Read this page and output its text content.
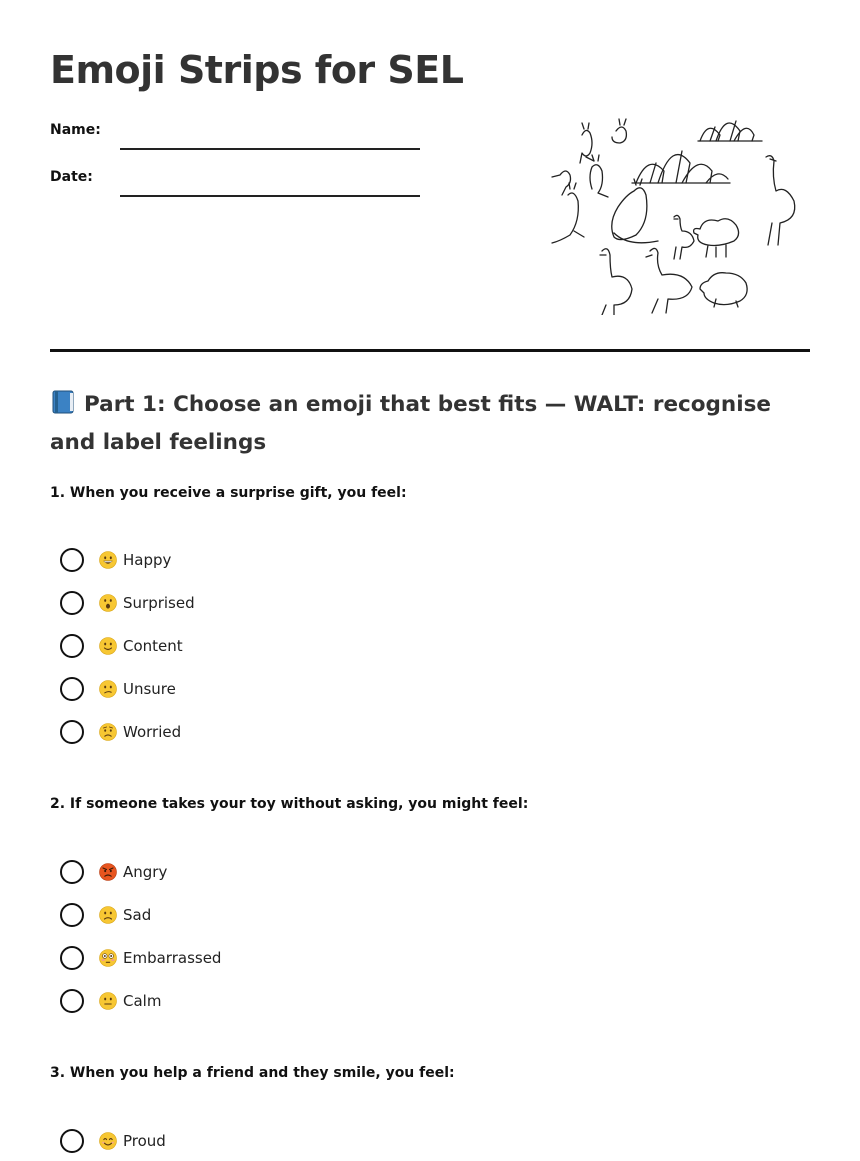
Emoji Strips for SEL
Name:
Date:
Part 1: Choose an emoji that best fits — WALT: recognise and label feelings

1. When you receive a surprise gift, you feel:

Happy
Surprised
Content
Unsure
Worried

2. If someone takes your toy without asking, you might feel:

Angry
Sad
Embarrassed
Calm

3. When you help a friend and they smile, you feel:

Proud
